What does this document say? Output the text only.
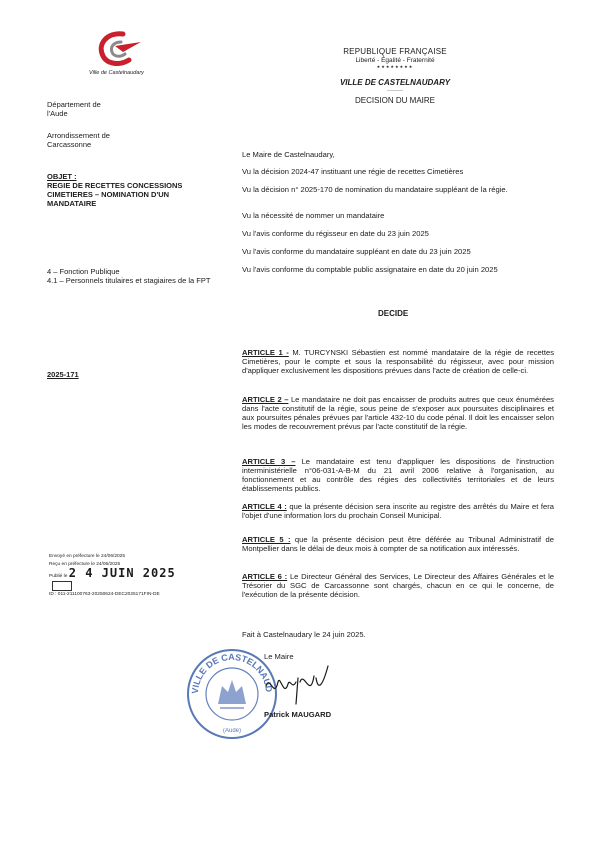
Ville de Castelnaudary
REPUBLIQUE FRANÇAISE
Liberté - Égalité - Fraternité
★★★★★★★★
VILLE DE CASTELNAUDARY
————
DECISION DU MAIRE
Département de
l'Aude
Arrondissement de
Carcassonne
OBJET :
REGIE DE RECETTES CONCESSIONS CIMETIERES – NOMINATION D'UN MANDATAIRE
4 – Fonction Publique
4.1 – Personnels titulaires et stagiaires de la FPT
2025-171
Le Maire de Castelnaudary,
Vu la décision 2024-47 instituant une régie de recettes Cimetières
Vu la décision n° 2025-170 de nomination du mandataire suppléant de la régie.
Vu la nécessité de nommer un mandataire
Vu l'avis conforme du régisseur en date du 23 juin 2025
Vu l'avis conforme du mandataire suppléant en date du 23 juin 2025
Vu l'avis conforme du comptable public assignataire en date du 20 juin 2025
DECIDE
ARTICLE 1 - M. TURCYNSKI Sébastien est nommé mandataire de la régie de recettes Cimetières, pour le compte et sous la responsabilité du régisseur, avec pour mission d'appliquer exclusivement les dispositions prévues dans l'acte de création de celle-ci.
ARTICLE 2 – Le mandataire ne doit pas encaisser de produits autres que ceux énumérées dans l'acte constitutif de la régie, sous peine de s'exposer aux poursuites disciplinaires et aux poursuites pénales prévues par l'article 432-10 du code pénal. Il doit les encaisser selon les modes de recouvrement prévus par l'acte constitutif de la régie.
ARTICLE 3 – Le mandataire est tenu d'appliquer les dispositions de l'instruction interministérielle n°06-031-A-B-M du 21 avril 2006 relative à l'organisation, au fonctionnement et au contrôle des régies des collectivités territoriales et de leurs établissements publics.
ARTICLE 4 : que la présente décision sera inscrite au registre des arrêtés du Maire et fera l'objet d'une information lors du prochain Conseil Municipal.
ARTICLE 5 : que la présente décision peut être déférée au Tribunal Administratif de Montpellier dans le délai de deux mois à compter de sa notification aux intéressés.
ARTICLE 6 : Le Directeur Général des Services, Le Directeur des Affaires Générales et le Trésorier du SGC de Carcassonne sont chargés, chacun en ce qui le concerne, de l'exécution de la présente décision.
Envoyé en préfecture le 24/06/2025
Reçu en préfecture le 24/06/2025
Publié le 2 4 JUIN 2025
ID : 011-211100763-20250624-DEC2025171FIN-DE
Fait à Castelnaudary le 24 juin 2025.
Le Maire
VILLE DE CASTELNAUD
(Aude)
Patrick MAUGARD
